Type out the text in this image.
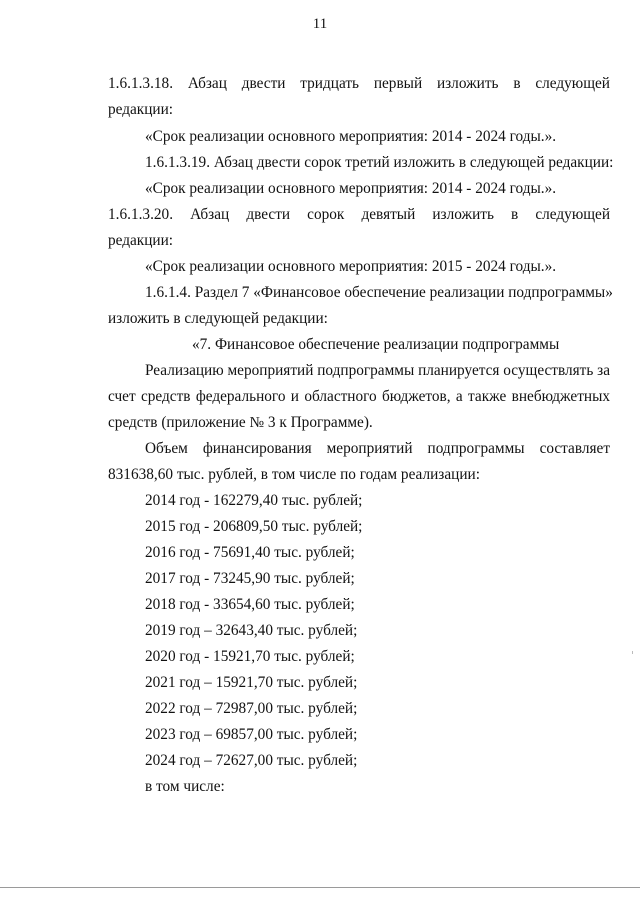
11
1.6.1.3.18. Абзац двести тридцать первый изложить в следующей
редакции:
«Срок реализации основного мероприятия: 2014 - 2024 годы.».
1.6.1.3.19. Абзац двести сорок третий изложить в следующей редакции:
«Срок реализации основного мероприятия: 2014 - 2024 годы.».
1.6.1.3.20. Абзац двести сорок девятый изложить в следующей
редакции:
«Срок реализации основного мероприятия: 2015 - 2024 годы.».
1.6.1.4. Раздел 7 «Финансовое обеспечение реализации подпрограммы»
изложить в следующей редакции:
«7. Финансовое обеспечение реализации подпрограммы
Реализацию мероприятий подпрограммы планируется осуществлять за
счет средств федерального и областного бюджетов, а также внебюджетных
средств (приложение № 3 к Программе).
Объем финансирования мероприятий подпрограммы составляет
831638,60 тыс. рублей, в том числе по годам реализации:
2014 год - 162279,40 тыс. рублей;
2015 год - 206809,50 тыс. рублей;
2016 год - 75691,40 тыс. рублей;
2017 год - 73245,90 тыс. рублей;
2018 год - 33654,60 тыс. рублей;
2019 год – 32643,40 тыс. рублей;
2020 год - 15921,70 тыс. рублей;
2021 год – 15921,70 тыс. рублей;
2022 год – 72987,00 тыс. рублей;
2023 год – 69857,00 тыс. рублей;
2024 год – 72627,00 тыс. рублей;
в том числе:
